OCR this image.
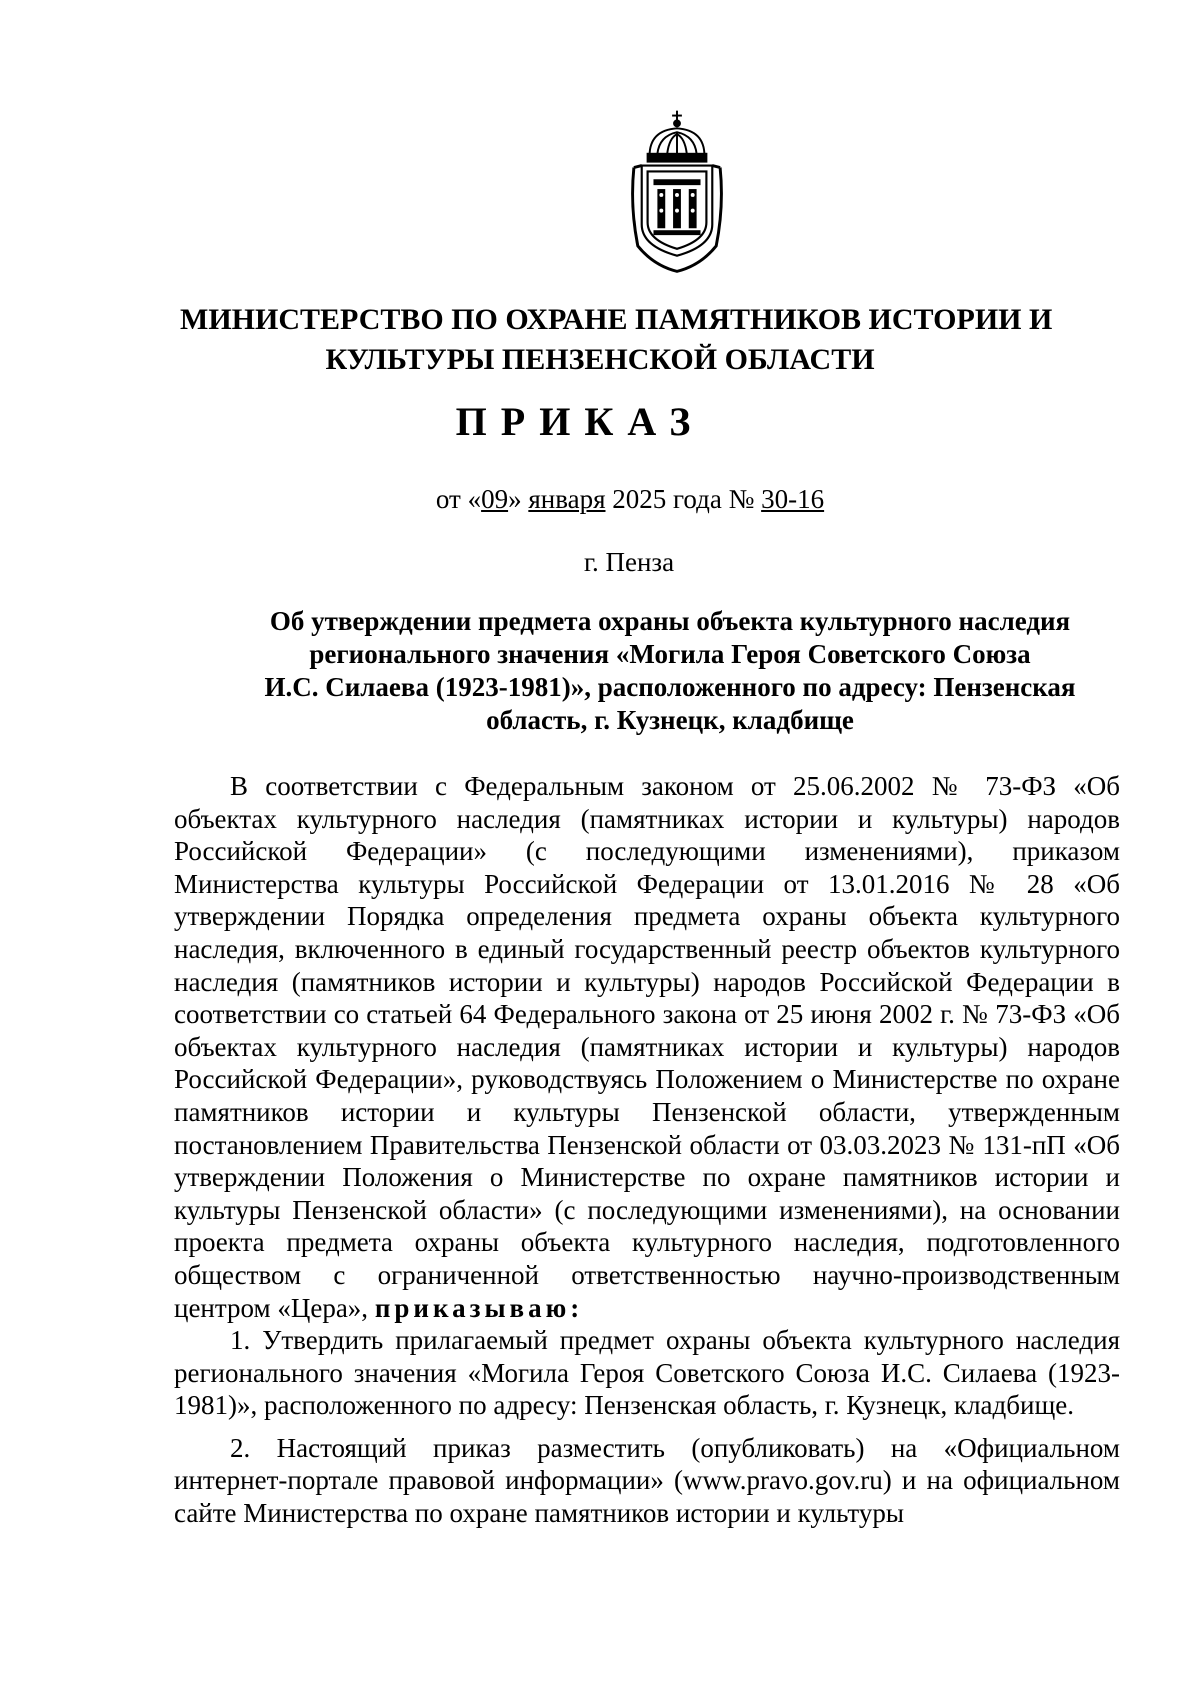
МИНИСТЕРСТВО ПО ОХРАНЕ ПАМЯТНИКОВ ИСТОРИИ И
КУЛЬТУРЫ ПЕНЗЕНСКОЙ ОБЛАСТИ
ПРИКАЗ
от «09» января 2025 года № 30-16
г. Пенза
Об утверждении предмета охраны объекта культурного наследия
регионального значения «Могила Героя Советского Союза
И.С. Силаева (1923-1981)», расположенного по адресу: Пензенская
область, г. Кузнецк, кладбище

В соответствии с Федеральным законом от 25.06.2002 № 73-ФЗ «Об объектах культурного наследия (памятниках истории и культуры) народов Российской Федерации» (с последующими изменениями), приказом Министерства культуры Российской Федерации от 13.01.2016 № 28 «Об утверждении Порядка определения предмета охраны объекта культурного наследия, включенного в единый государственный реестр объектов культурного наследия (памятников истории и культуры) народов Российской Федерации в соответствии со статьей 64 Федерального закона от 25 июня 2002 г. № 73-ФЗ «Об объектах культурного наследия (памятниках истории и культуры) народов Российской Федерации», руководствуясь Положением о Министерстве по охране памятников истории и культуры Пензенской области, утвержденным постановлением Правительства Пензенской области от 03.03.2023 № 131-пП «Об утверждении Положения о Министерстве по охране памятников истории и культуры Пензенской области» (с последующими изменениями), на основании проекта предмета охраны объекта культурного наследия, подготовленного обществом с ограниченной ответственностью научно-производственным центром «Цера», приказываю:

1. Утвердить прилагаемый предмет охраны объекта культурного наследия регионального значения «Могила Героя Советского Союза И.С. Силаева (1923-1981)», расположенного по адресу: Пензенская область, г. Кузнецк, кладбище.

2. Настоящий приказ разместить (опубликовать) на «Официальном интернет-портале правовой информации» (www.pravo.gov.ru) и на официальном сайте Министерства по охране памятников истории и культуры
